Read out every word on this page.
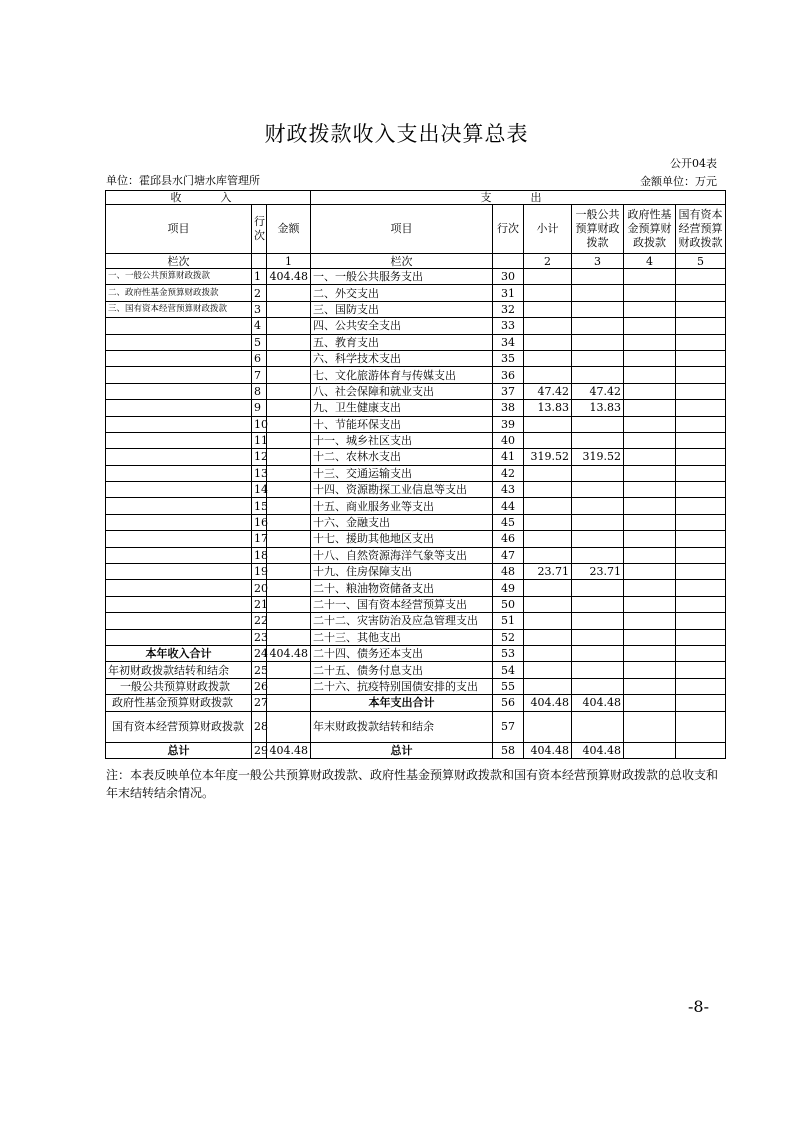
财政拨款收入支出决算总表
公开04表
单位：霍邱县水门塘水库管理所	金额单位：万元
收　入			支　出					
项目	行次	金额	项目	行次	小计	一般公共预算财政拨款	政府性基金预算财政拨款	国有资本经营预算财政拨款
栏次		1	栏次		2	3	4	5
一、一般公共预算财政拨款	1	404.48	一、一般公共服务支出	30				
二、政府性基金预算财政拨款	2		二、外交支出	31				
三、国有资本经营预算财政拨款	3		三、国防支出	32				
	4		四、公共安全支出	33				
	5		五、教育支出	34				
	6		六、科学技术支出	35				
	7		七、文化旅游体育与传媒支出	36				
	8		八、社会保障和就业支出	37	47.42	47.42		
	9		九、卫生健康支出	38	13.83	13.83		
	10		十、节能环保支出	39				
	11		十一、城乡社区支出	40				
	12		十二、农林水支出	41	319.52	319.52		
	13		十三、交通运输支出	42				
	14		十四、资源勘探工业信息等支出	43				
	15		十五、商业服务业等支出	44				
	16		十六、金融支出	45				
	17		十七、援助其他地区支出	46				
	18		十八、自然资源海洋气象等支出	47				
	19		十九、住房保障支出	48	23.71	23.71		
	20		二十、粮油物资储备支出	49				
	21		二十一、国有资本经营预算支出	50				
	22		二十二、灾害防治及应急管理支出	51				
	23		二十三、其他支出	52				
本年收入合计	24	404.48	二十四、债务还本支出	53				
年初财政拨款结转和结余	25		二十五、债务付息支出	54				
一般公共预算财政拨款	26		二十六、抗疫特别国债安排的支出	55				
政府性基金预算财政拨款	27		本年支出合计	56	404.48	404.48		
国有资本经营预算财政拨款	28		年末财政拨款结转和结余	57				
总计	29	404.48	总计	58	404.48	404.48		
注：本表反映单位本年度一般公共预算财政拨款、政府性基金预算财政拨款和国有资本经营预算财政拨款的总收支和年末结转结余情况。
-8-
